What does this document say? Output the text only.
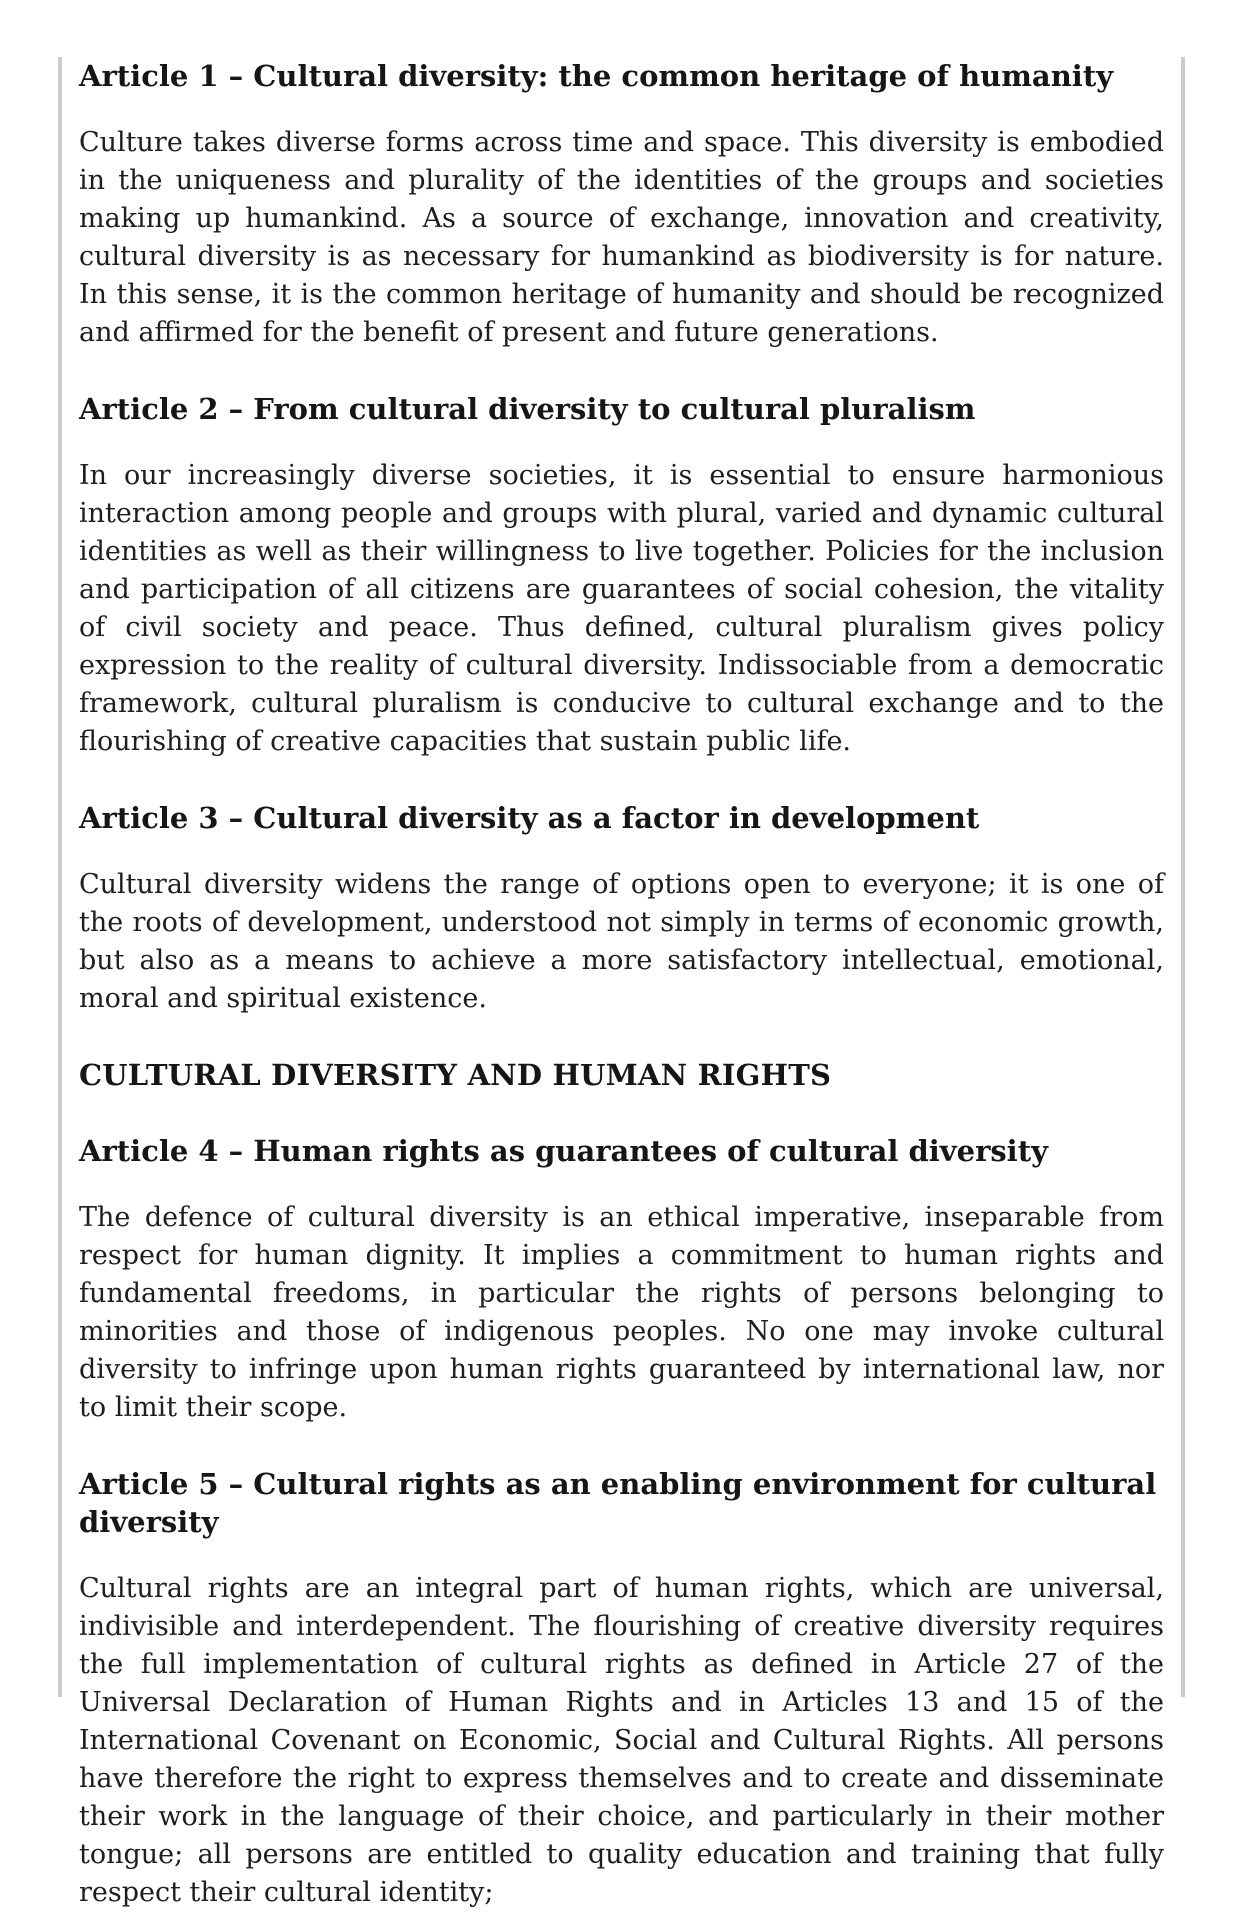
Article 1 – Cultural diversity: the common heritage of humanity

Culture takes diverse forms across time and space. This diversity is embodied in the uniqueness and plurality of the identities of the groups and societies making up humankind. As a source of exchange, innovation and creativity, cultural diversity is as necessary for humankind as biodiversity is for nature. In this sense, it is the common heritage of humanity and should be recognized and affirmed for the benefit of present and future generations.

Article 2 – From cultural diversity to cultural pluralism

In our increasingly diverse societies, it is essential to ensure harmonious interaction among people and groups with plural, varied and dynamic cultural identities as well as their willingness to live together. Policies for the inclusion and participation of all citizens are guarantees of social cohesion, the vitality of civil society and peace. Thus defined, cultural pluralism gives policy expression to the reality of cultural diversity. Indissociable from a democratic framework, cultural pluralism is conducive to cultural exchange and to the flourishing of creative capacities that sustain public life.

Article 3 – Cultural diversity as a factor in development

Cultural diversity widens the range of options open to everyone; it is one of the roots of development, understood not simply in terms of economic growth, but also as a means to achieve a more satisfactory intellectual, emotional, moral and spiritual existence.

CULTURAL DIVERSITY AND HUMAN RIGHTS
Article 4 – Human rights as guarantees of cultural diversity

The defence of cultural diversity is an ethical imperative, inseparable from respect for human dignity. It implies a commitment to human rights and fundamental freedoms, in particular the rights of persons belonging to minorities and those of indigenous peoples. No one may invoke cultural diversity to infringe upon human rights guaranteed by international law, nor to limit their scope.

Article 5 – Cultural rights as an enabling environment for cultural diversity

Cultural rights are an integral part of human rights, which are universal, indivisible and interdependent. The flourishing of creative diversity requires the full implementation of cultural rights as defined in Article 27 of the Universal Declaration of Human Rights and in Articles 13 and 15 of the International Covenant on Economic, Social and Cultural Rights. All persons have therefore the right to express themselves and to create and disseminate their work in the language of their choice, and particularly in their mother tongue; all persons are entitled to quality education and training that fully respect their cultural identity;
